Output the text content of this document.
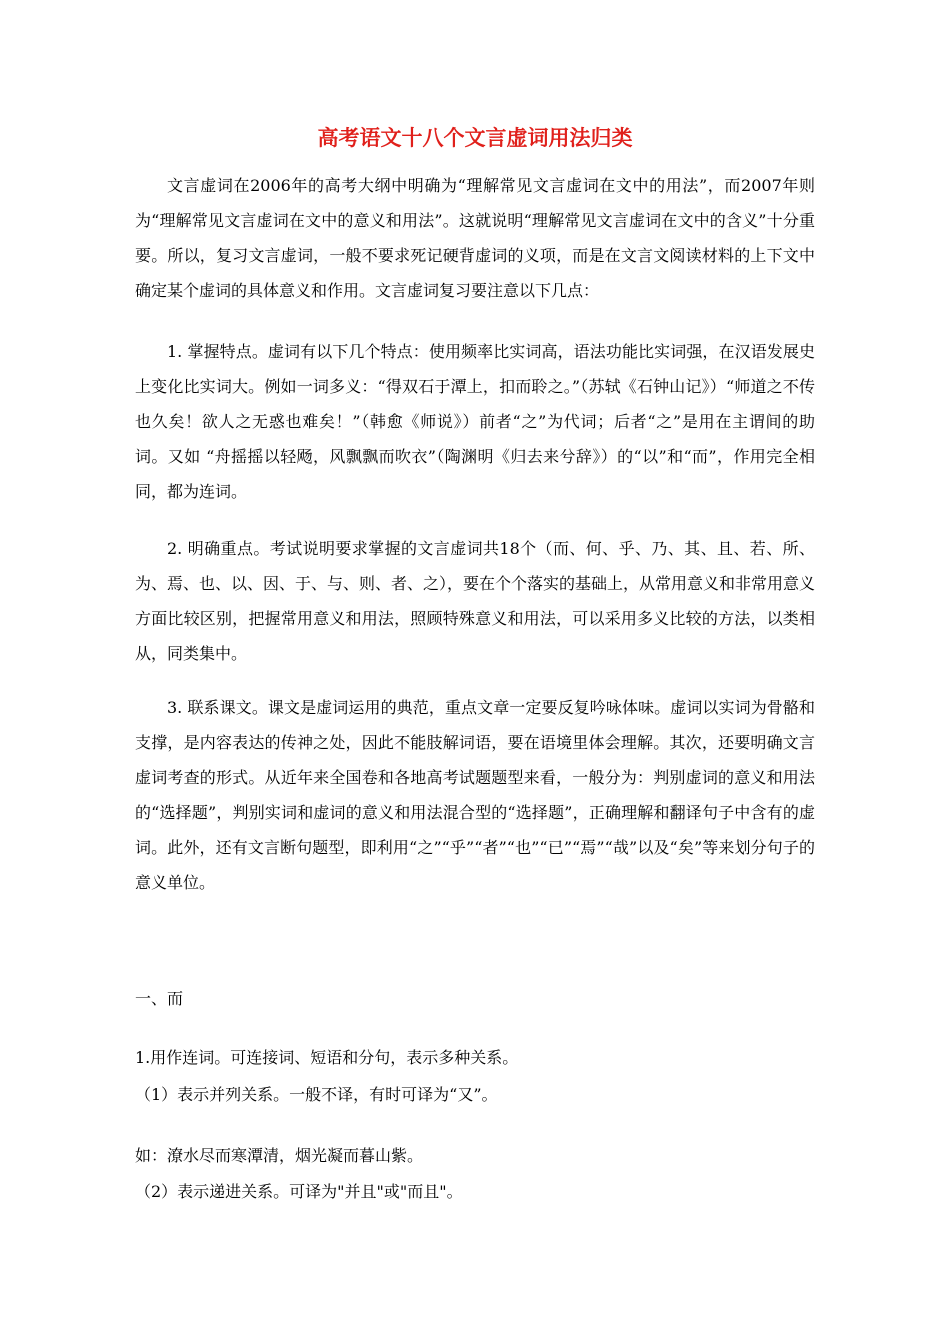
高考语文十八个文言虚词用法归类
文言虚词在2006年的高考大纲中明确为“理解常见文言虚词在文中的用法”，而2007年则为“理解常见文言虚词在文中的意义和用法”。这就说明“理解常见文言虚词在文中的含义”十分重要。所以，复习文言虚词，一般不要求死记硬背虚词的义项，而是在文言文阅读材料的上下文中确定某个虚词的具体意义和作用。文言虚词复习要注意以下几点：
1. 掌握特点。虚词有以下几个特点：使用频率比实词高，语法功能比实词强，在汉语发展史上变化比实词大。例如一词多义：“得双石于潭上，扣而聆之。”（苏轼《石钟山记》）“师道之不传也久矣！欲人之无惑也难矣！”（韩愈《师说》）前者“之”为代词；后者“之”是用在主谓间的助词。又如 “舟摇摇以轻飏，风飘飘而吹衣”（陶渊明《归去来兮辞》）的“以”和“而”，作用完全相同，都为连词。
2. 明确重点。考试说明要求掌握的文言虚词共18个（而、何、乎、乃、其、且、若、所、为、焉、也、以、因、于、与、则、者、之），要在个个落实的基础上，从常用意义和非常用意义方面比较区别，把握常用意义和用法，照顾特殊意义和用法，可以采用多义比较的方法，以类相从，同类集中。
3. 联系课文。课文是虚词运用的典范，重点文章一定要反复吟咏体味。虚词以实词为骨骼和支撑，是内容表达的传神之处，因此不能肢解词语，要在语境里体会理解。其次，还要明确文言虚词考查的形式。从近年来全国卷和各地高考试题题型来看，一般分为：判别虚词的意义和用法的“选择题”，判别实词和虚词的意义和用法混合型的“选择题”，正确理解和翻译句子中含有的虚词。此外，还有文言断句题型，即利用“之”“乎”“者”“也”“已”“焉”“哉”以及“矣”等来划分句子的意义单位。
一、而
1.用作连词。可连接词、短语和分句，表示多种关系。
（1）表示并列关系。一般不译，有时可译为“又”。
如：潦水尽而寒潭清，烟光凝而暮山紫。
（2）表示递进关系。可译为"并且"或"而且"。
